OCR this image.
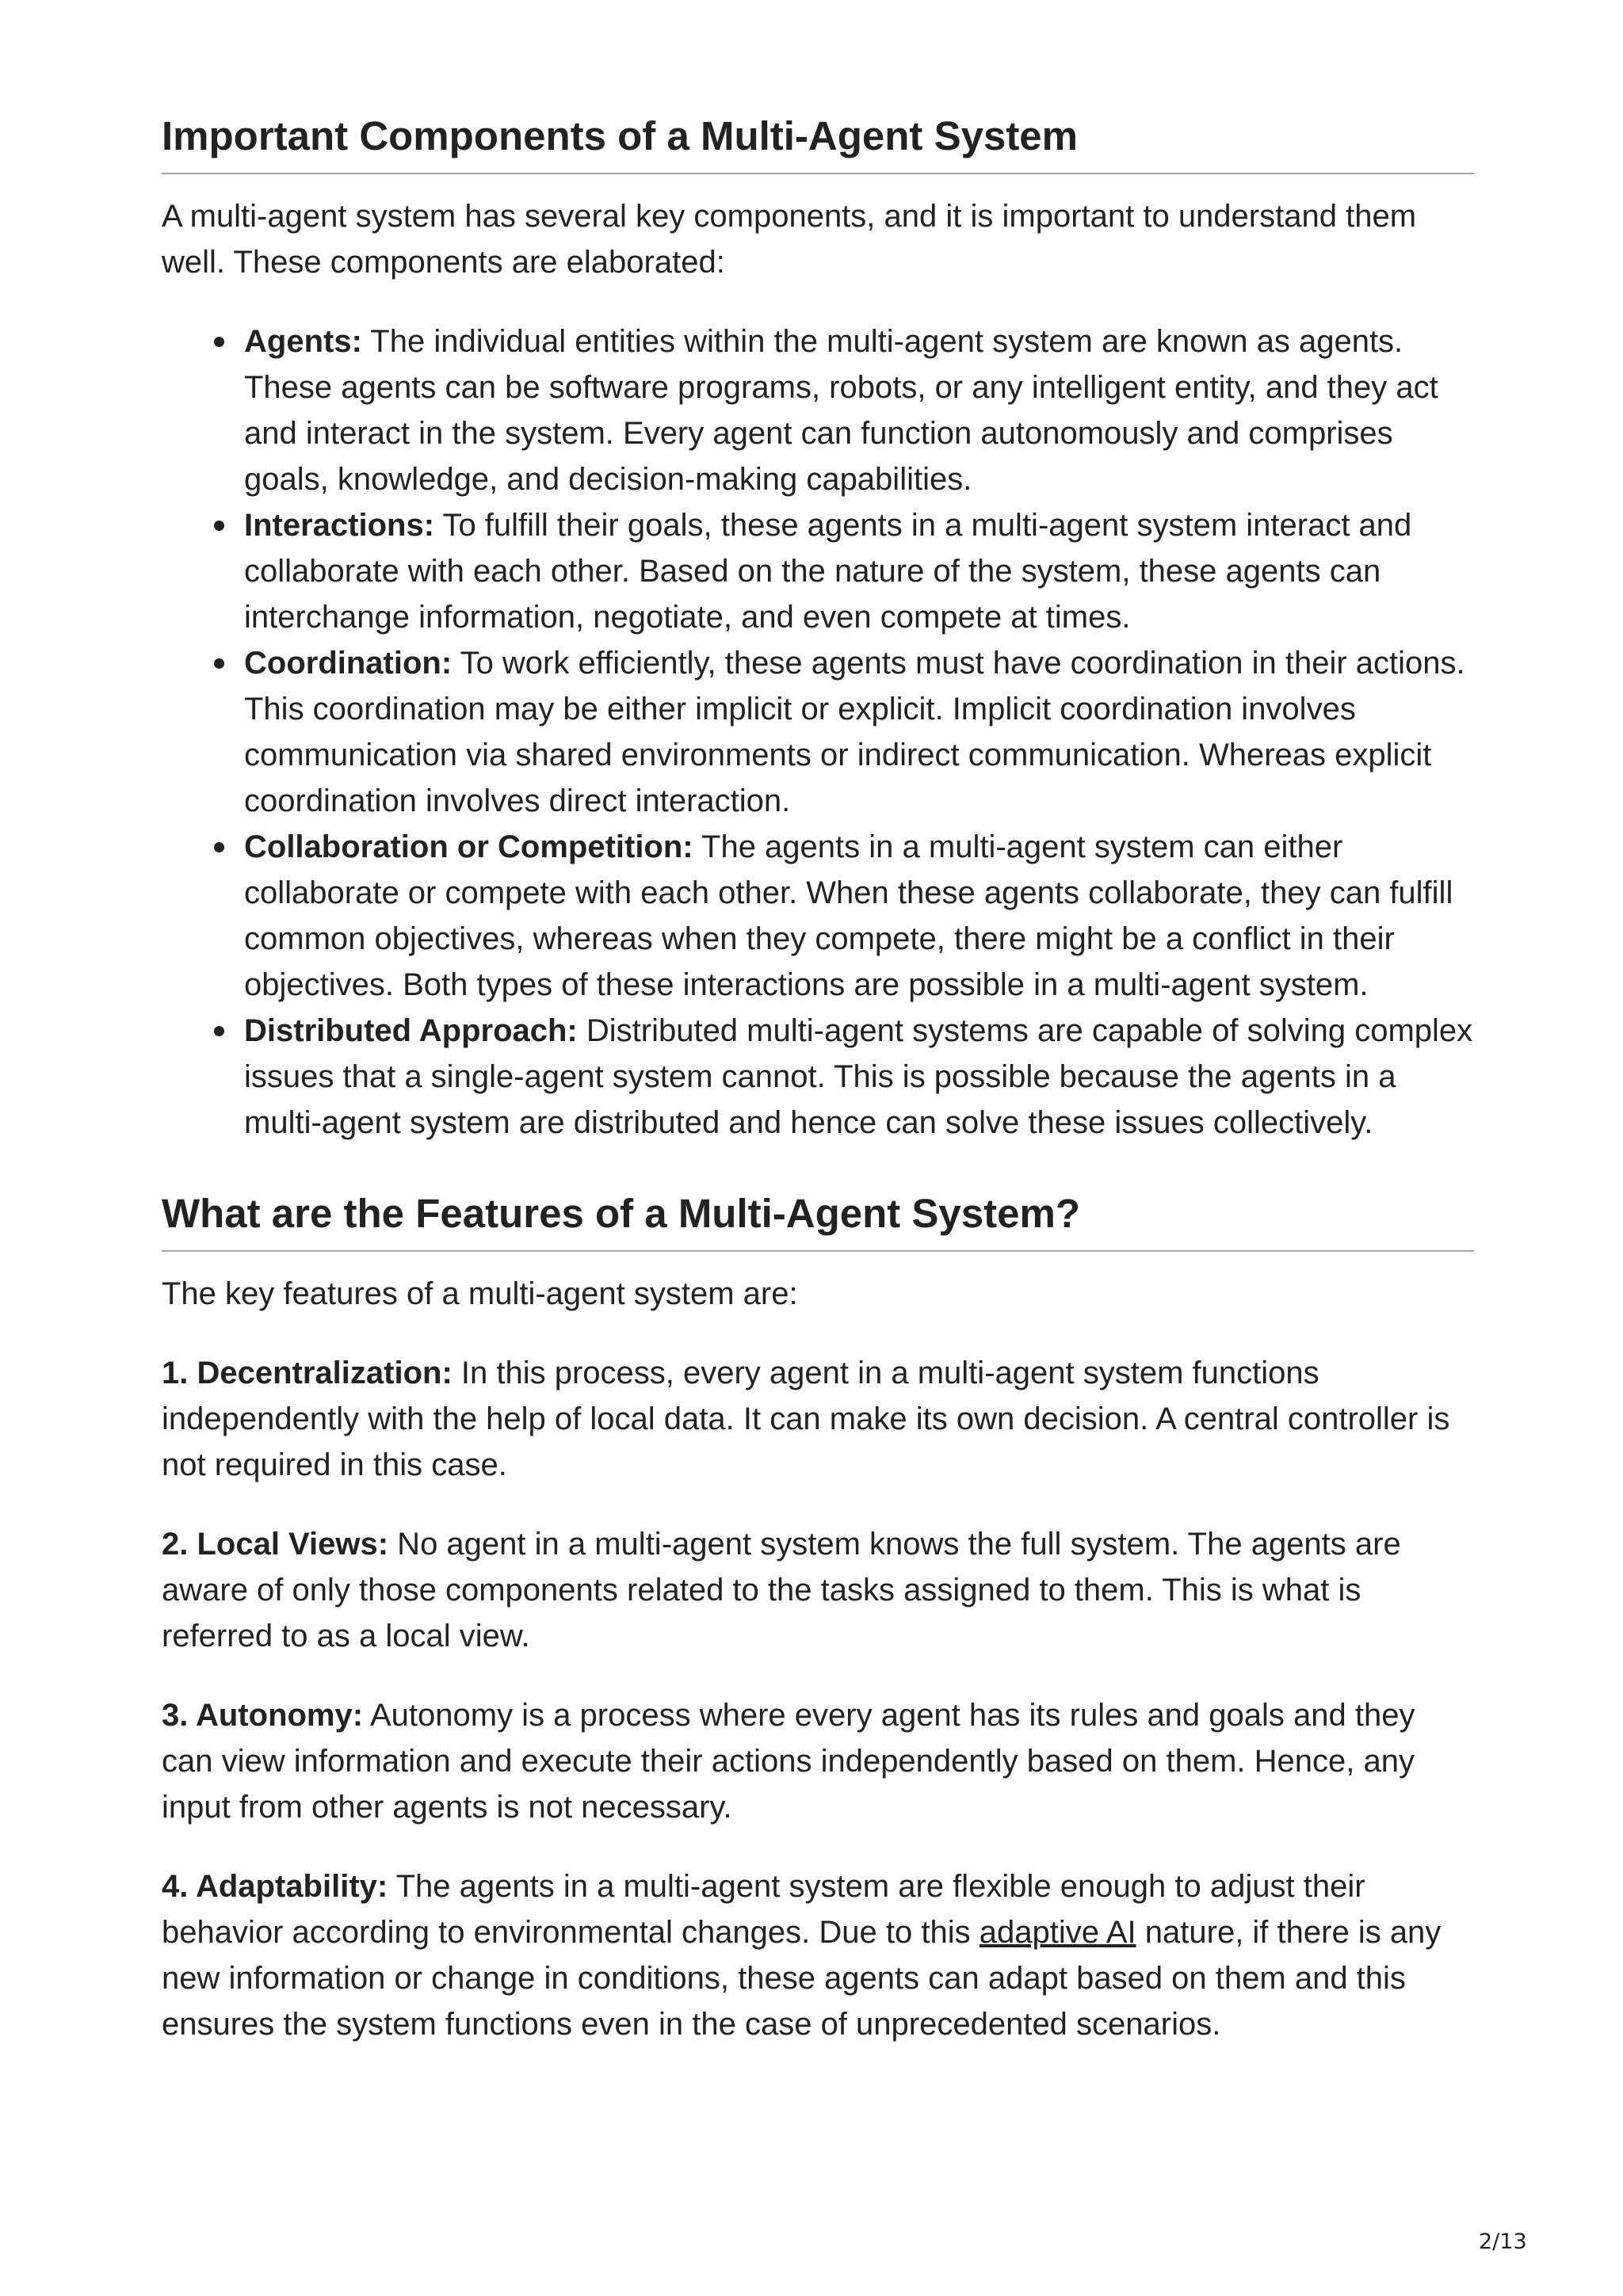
Important Components of a Multi-Agent System

A multi-agent system has several key components, and it is important to understand them well. These components are elaborated:

Agents: The individual entities within the multi-agent system are known as agents. These agents can be software programs, robots, or any intelligent entity, and they act and interact in the system. Every agent can function autonomously and comprises goals, knowledge, and decision-making capabilities.
Interactions: To fulfill their goals, these agents in a multi-agent system interact and collaborate with each other. Based on the nature of the system, these agents can interchange information, negotiate, and even compete at times.
Coordination: To work efficiently, these agents must have coordination in their actions. This coordination may be either implicit or explicit. Implicit coordination involves communication via shared environments or indirect communication. Whereas explicit coordination involves direct interaction.
Collaboration or Competition: The agents in a multi-agent system can either collaborate or compete with each other. When these agents collaborate, they can fulfill common objectives, whereas when they compete, there might be a conflict in their objectives. Both types of these interactions are possible in a multi-agent system.
Distributed Approach: Distributed multi-agent systems are capable of solving complex issues that a single-agent system cannot. This is possible because the agents in a multi-agent system are distributed and hence can solve these issues collectively.
What are the Features of a Multi-Agent System?

The key features of a multi-agent system are:

1. Decentralization: In this process, every agent in a multi-agent system functions independently with the help of local data. It can make its own decision. A central controller is not required in this case.

2. Local Views: No agent in a multi-agent system knows the full system. The agents are aware of only those components related to the tasks assigned to them. This is what is referred to as a local view.

3. Autonomy: Autonomy is a process where every agent has its rules and goals and they can view information and execute their actions independently based on them. Hence, any input from other agents is not necessary.

4. Adaptability: The agents in a multi-agent system are flexible enough to adjust their behavior according to environmental changes. Due to this adaptive AI nature, if there is any new information or change in conditions, these agents can adapt based on them and this ensures the system functions even in the case of unprecedented scenarios.

2/13
